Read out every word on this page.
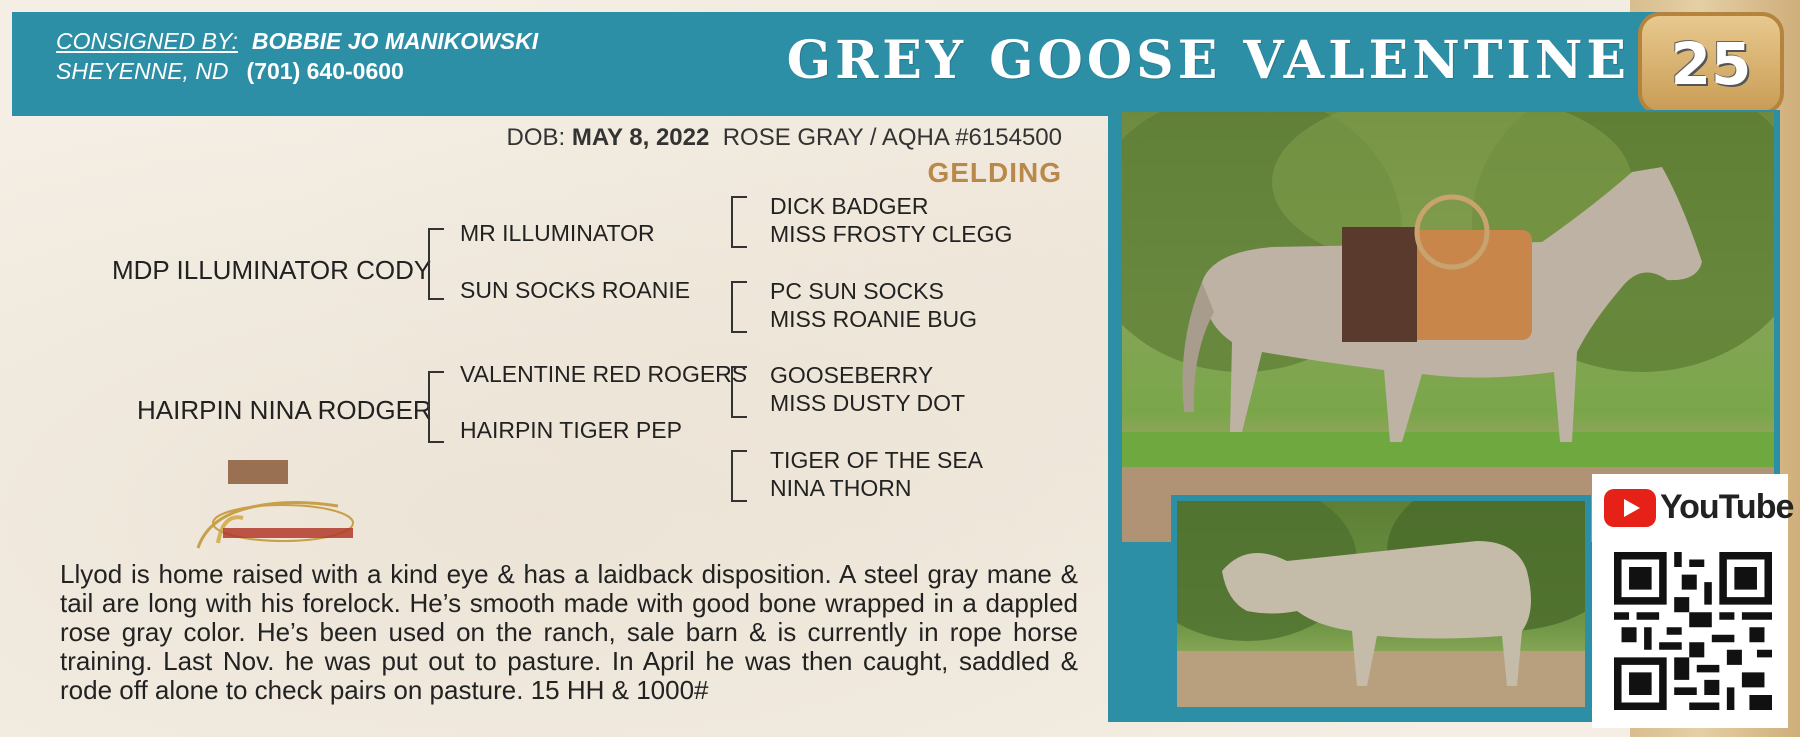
CONSIGNED BY: BOBBIE JO MANIKOWSKI
SHEYENNE, ND (701) 640-0600	GREY GOOSE VALENTINE 25
YouTube
DOB: MAY 8, 2022 ROSE GRAY / AQHA #6154500
GELDING
MDP ILLUMINATOR CODY
HAIRPIN NINA RODGER
MR ILLUMINATOR
SUN SOCKS ROANIE
VALENTINE RED ROGERS
HAIRPIN TIGER PEP
DICK BADGER
MISS FROSTY CLEGG
PC SUN SOCKS
MISS ROANIE BUG
GOOSEBERRY
MISS DUSTY DOT
TIGER OF THE SEA
NINA THORN
Llyod is home raised with a kind eye & has a laidback disposition. A steel gray mane & tail are long with his forelock. He’s smooth made with good bone wrapped in a dappled rose gray color. He’s been used on the ranch, sale barn & is currently in rope horse training. Last Nov. he was put out to pasture. In April he was then caught, saddled & rode off alone to check pairs on pasture. 15 HH & 1000#
